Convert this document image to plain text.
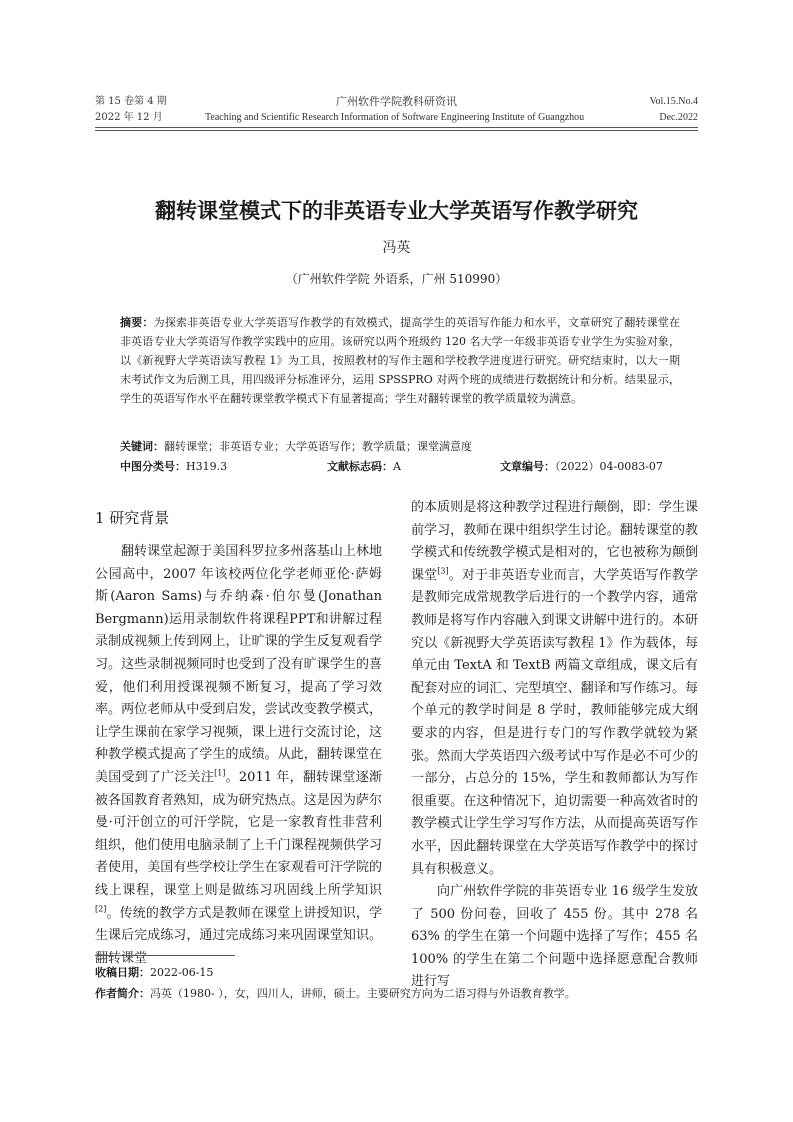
第 15 卷第 4 期
2022 年 12 月
广州软件学院教科研资讯
Teaching and Scientific Research Information of Software Engineering Institute of Guangzhou
Vol.15.No.4
Dec.2022
翻转课堂模式下的非英语专业大学英语写作教学研究
冯英
（广州软件学院 外语系，广州 510990）
摘要：为探索非英语专业大学英语写作教学的有效模式，提高学生的英语写作能力和水平，文章研究了翻转课堂在非英语专业大学英语写作教学实践中的应用。该研究以两个班级约 120 名大学一年级非英语专业学生为实验对象，以《新视野大学英语读写教程 1》为工具，按照教材的写作主题和学校教学进度进行研究。研究结束时，以大一期末考试作文为后测工具，用四级评分标准评分，运用 SPSSPRO 对两个班的成绩进行数据统计和分析。结果显示，学生的英语写作水平在翻转课堂教学模式下有显著提高；学生对翻转课堂的教学质量较为满意。
关键词：翻转课堂；非英语专业；大学英语写作；教学质量；课堂满意度
中图分类号：H319.3	文献标志码：A	文章编号：（2022）04-0083-07
1 研究背景

翻转课堂起源于美国科罗拉多州落基山上林地公园高中，2007 年该校两位化学老师亚伦·萨姆斯(Aaron Sams)与乔纳森·伯尔曼(Jonathan Bergmann)运用录制软件将课程PPT和讲解过程录制成视频上传到网上，让旷课的学生反复观看学习。这些录制视频同时也受到了没有旷课学生的喜爱，他们利用授课视频不断复习，提高了学习效率。两位老师从中受到启发，尝试改变教学模式，让学生课前在家学习视频，课上进行交流讨论，这种教学模式提高了学生的成绩。从此，翻转课堂在美国受到了广泛关注[1]。2011 年，翻转课堂逐渐被各国教育者熟知，成为研究热点。这是因为萨尔曼·可汗创立的可汗学院，它是一家教育性非营利组织，他们使用电脑录制了上千门课程视频供学习者使用，美国有些学校让学生在家观看可汗学院的线上课程，课堂上则是做练习巩固线上所学知识[2]。传统的教学方式是教师在课堂上讲授知识，学生课后完成练习，通过完成练习来巩固课堂知识。翻转课堂

的本质则是将这种教学过程进行颠倒，即：学生课前学习，教师在课中组织学生讨论。翻转课堂的教学模式和传统教学模式是相对的，它也被称为颠倒课堂[3]。对于非英语专业而言，大学英语写作教学是教师完成常规教学后进行的一个教学内容，通常教师是将写作内容融入到课文讲解中进行的。本研究以《新视野大学英语读写教程 1》作为载体，每单元由 TextA 和 TextB 两篇文章组成，课文后有配套对应的词汇、完型填空、翻译和写作练习。每个单元的教学时间是 8 学时，教师能够完成大纲要求的内容，但是进行专门的写作教学就较为紧张。然而大学英语四六级考试中写作是必不可少的一部分，占总分的 15%，学生和教师都认为写作很重要。在这种情况下，迫切需要一种高效省时的教学模式让学生学习写作方法，从而提高英语写作水平，因此翻转课堂在大学英语写作教学中的探讨具有积极意义。

向广州软件学院的非英语专业 16 级学生发放了 500 份问卷，回收了 455 份。其中 278 名 63% 的学生在第一个问题中选择了写作；455 名 100% 的学生在第二个问题中选择愿意配合教师进行写

收稿日期：2022-06-15
作者简介：冯英（1980- ），女，四川人，讲师，硕士。主要研究方向为二语习得与外语教育教学。
